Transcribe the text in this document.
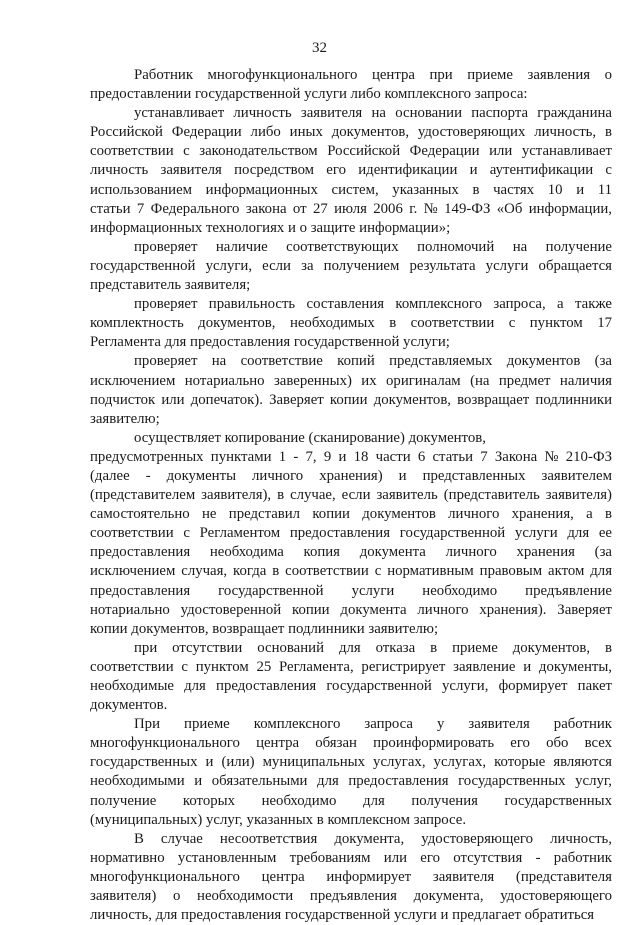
32

Работник многофункционального центра при приеме заявления о
предоставлении государственной услуги либо комплексного запроса:

устанавливает личность заявителя на основании паспорта гражданина
Российской Федерации либо иных документов, удостоверяющих личность, в
соответствии с законодательством Российской Федерации или устанавливает
личность заявителя посредством его идентификации и аутентификации с
использованием информационных систем, указанных в частях 10 и 11
статьи 7 Федерального закона от 27 июля 2006 г. № 149-ФЗ «Об информации,
информационных технологиях и о защите информации»;

проверяет наличие соответствующих полномочий на получение
государственной услуги, если за получением результата услуги обращается
представитель заявителя;

проверяет правильность составления комплексного запроса, а также
комплектность документов, необходимых в соответствии с пунктом 17
Регламента для предоставления государственной услуги;

проверяет на соответствие копий представляемых документов (за
исключением нотариально заверенных) их оригиналам (на предмет наличия
подчисток или допечаток). Заверяет копии документов, возвращает подлинники
заявителю;

осуществляет копирование (сканирование) документов,
предусмотренных пунктами 1 - 7, 9 и 18 части 6 статьи 7 Закона № 210-ФЗ
(далее - документы личного хранения) и представленных заявителем
(представителем заявителя), в случае, если заявитель (представитель заявителя)
самостоятельно не представил копии документов личного хранения, а в
соответствии с Регламентом предоставления государственной услуги для ее
предоставления необходима копия документа личного хранения (за
исключением случая, когда в соответствии с нормативным правовым актом для
предоставления государственной услуги необходимо предъявление
нотариально удостоверенной копии документа личного хранения). Заверяет
копии документов, возвращает подлинники заявителю;

при отсутствии оснований для отказа в приеме документов, в
соответствии с пунктом 25 Регламента, регистрирует заявление и документы,
необходимые для предоставления государственной услуги, формирует пакет
документов.

При приеме комплексного запроса у заявителя работник
многофункционального центра обязан проинформировать его обо всех
государственных и (или) муниципальных услугах, услугах, которые являются
необходимыми и обязательными для предоставления государственных услуг,
получение которых необходимо для получения государственных
(муниципальных) услуг, указанных в комплексном запросе.

В случае несоответствия документа, удостоверяющего личность,
нормативно установленным требованиям или его отсутствия - работник
многофункционального центра информирует заявителя (представителя
заявителя) о необходимости предъявления документа, удостоверяющего
личность, для предоставления государственной услуги и предлагает обратиться
